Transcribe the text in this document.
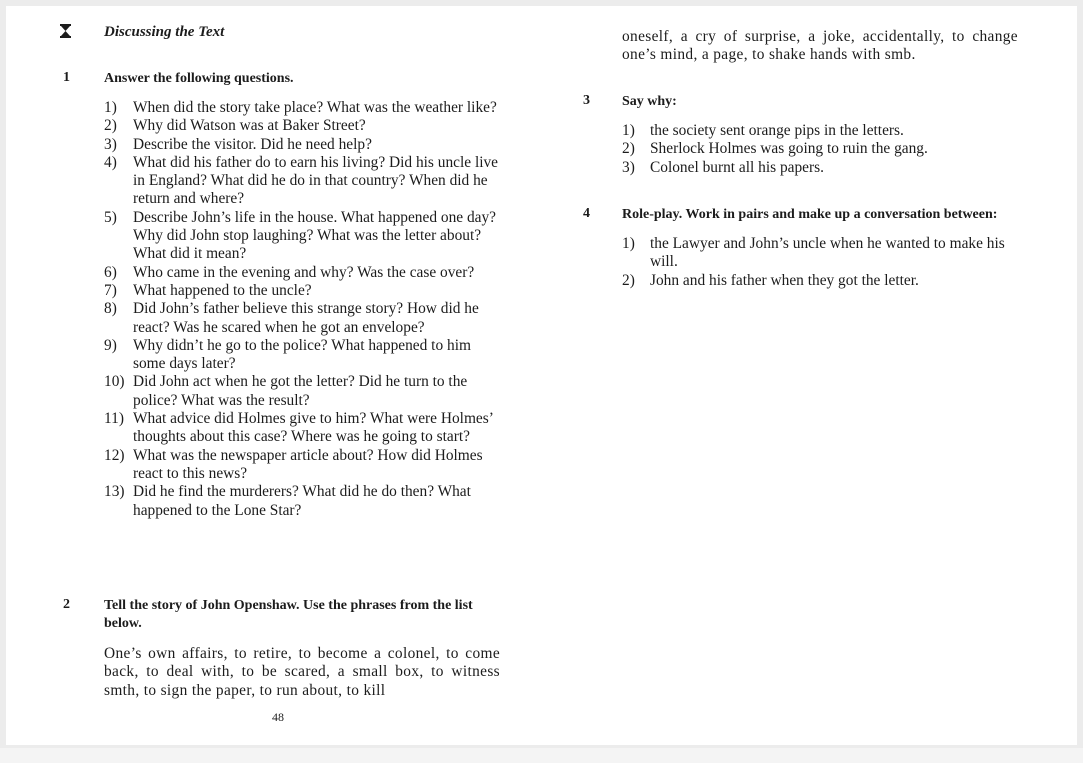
Discussing the Text
1 Answer the following questions.
1)	When did the story take place? What was the weather like?
2)	Why did Watson was at Baker Street?
3)	Describe the visitor. Did he need help?
4)	What did his father do to earn his living? Did his uncle live in England? What did he do in that country? When did he return and where?
5)	Describe John’s life in the house. What happened one day? Why did John stop laughing? What was the letter about? What did it mean?
6)	Who came in the evening and why? Was the case over?
7)	What happened to the uncle?
8)	Did John’s father believe this strange story? How did he react? Was he scared when he got an envelope?
9)	Why didn’t he go to the police? What happened to him some days later?
10) Did John act when he got the letter? Did he turn to the police? What was the result?
11) What advice did Holmes give to him? What were Holmes’ thoughts about this case? Where was he going to start?
12) What was the newspaper article about? How did Holmes react to this news?
13) Did he find the murderers? What did he do then? What happened to the Lone Star?
2 Tell the story of John Openshaw. Use the phrases from the list below.
One’s own affairs, to retire, to become a colonel, to come back, to deal with, to be scared, a small box, to witness smth, to sign the paper, to run about, to kill
oneself, a cry of surprise, a joke, accidentally, to change one’s mind, a page, to shake hands with smb.
3 Say why:
1) the society sent orange pips in the letters.
2) Sherlock Holmes was going to ruin the gang.
3) Colonel burnt all his papers.
4 Role-play. Work in pairs and make up a conversation between:
1) the Lawyer and John’s uncle when he wanted to make his will.
2) John and his father when they got the letter.
48
